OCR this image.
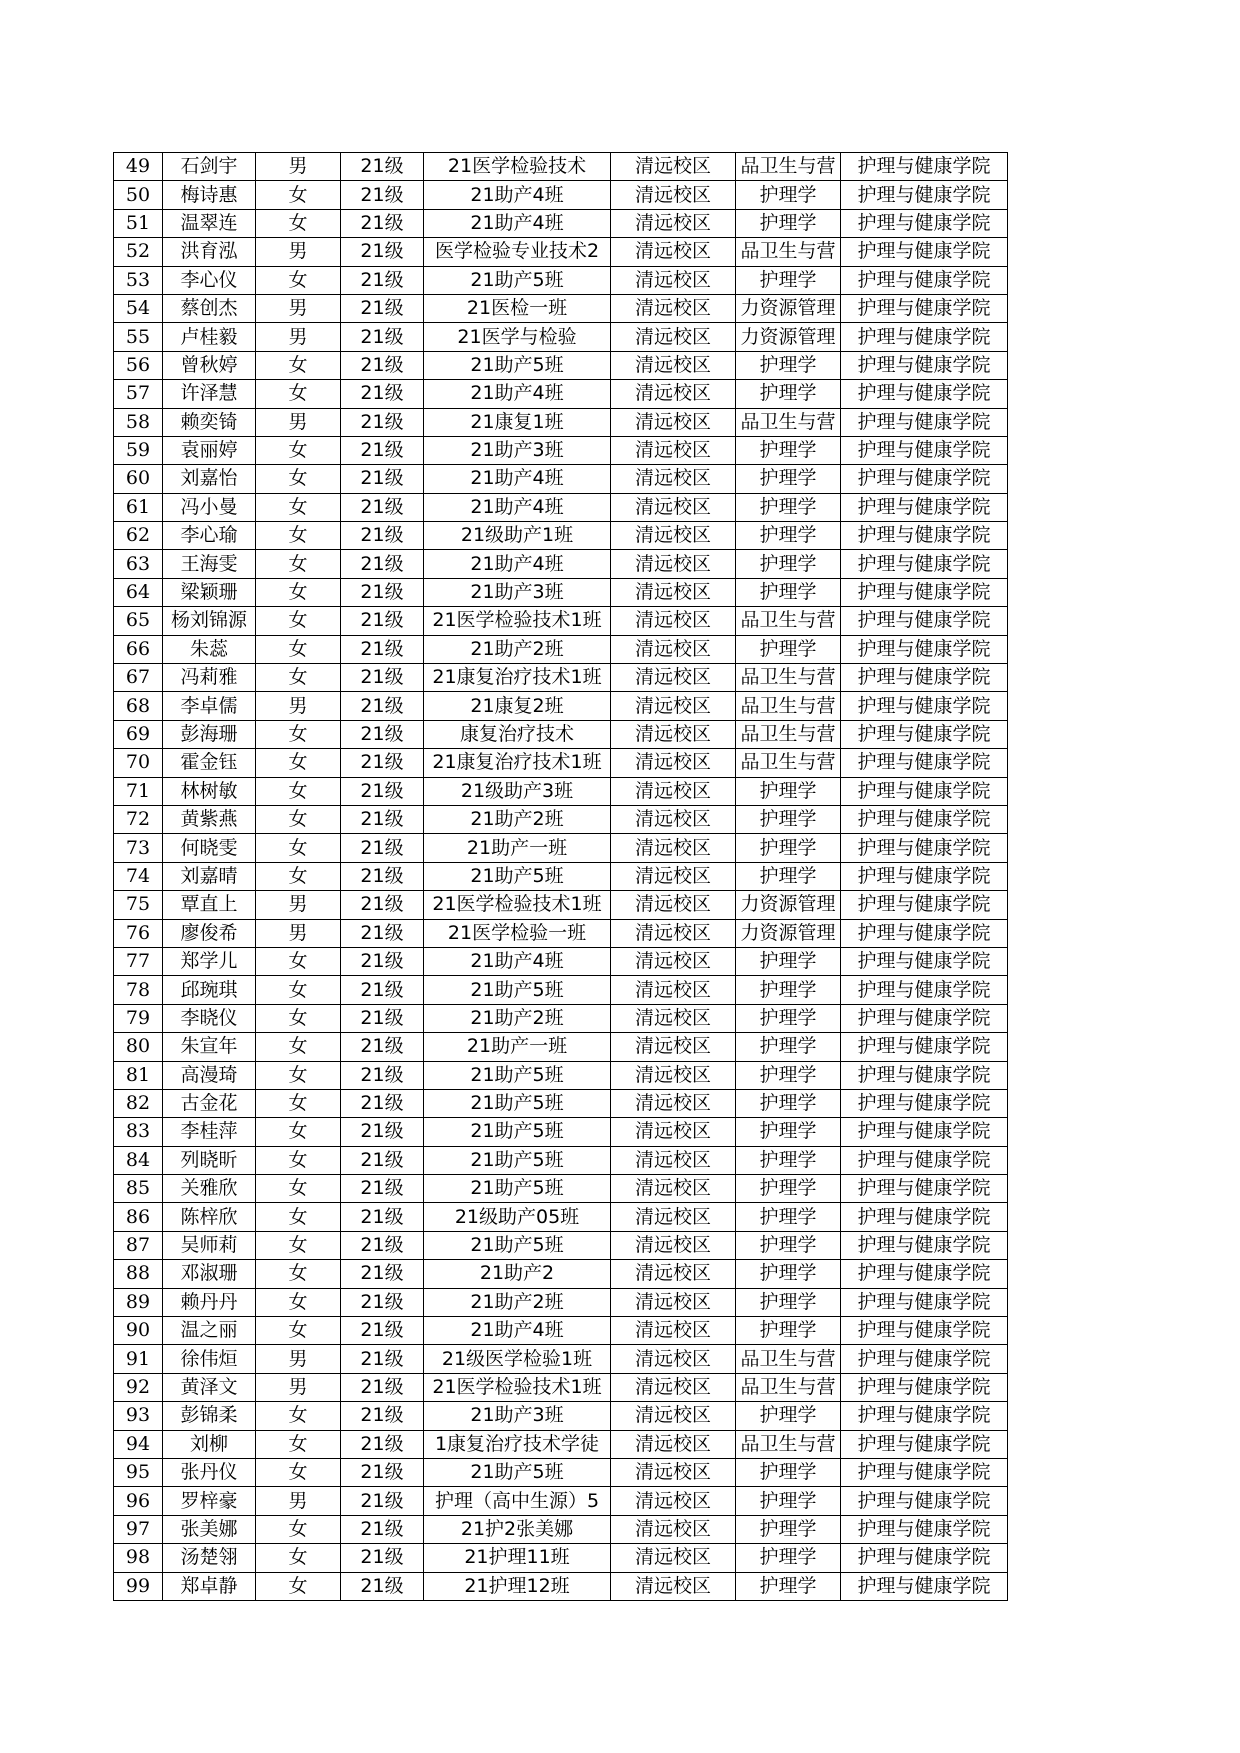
49	石剑宇	男	21级	21医学检验技术	清远校区	品卫生与营	护理与健康学院
50	梅诗惠	女	21级	21助产4班	清远校区	护理学	护理与健康学院
51	温翠连	女	21级	21助产4班	清远校区	护理学	护理与健康学院
52	洪育泓	男	21级	医学检验专业技术2	清远校区	品卫生与营	护理与健康学院
53	李心仪	女	21级	21助产5班	清远校区	护理学	护理与健康学院
54	蔡创杰	男	21级	21医检一班	清远校区	力资源管理	护理与健康学院
55	卢桂毅	男	21级	21医学与检验	清远校区	力资源管理	护理与健康学院
56	曾秋婷	女	21级	21助产5班	清远校区	护理学	护理与健康学院
57	许泽慧	女	21级	21助产4班	清远校区	护理学	护理与健康学院
58	赖奕锜	男	21级	21康复1班	清远校区	品卫生与营	护理与健康学院
59	袁丽婷	女	21级	21助产3班	清远校区	护理学	护理与健康学院
60	刘嘉怡	女	21级	21助产4班	清远校区	护理学	护理与健康学院
61	冯小曼	女	21级	21助产4班	清远校区	护理学	护理与健康学院
62	李心瑜	女	21级	21级助产1班	清远校区	护理学	护理与健康学院
63	王海雯	女	21级	21助产4班	清远校区	护理学	护理与健康学院
64	梁颖珊	女	21级	21助产3班	清远校区	护理学	护理与健康学院
65	杨刘锦源	女	21级	21医学检验技术1班	清远校区	品卫生与营	护理与健康学院
66	朱蕊	女	21级	21助产2班	清远校区	护理学	护理与健康学院
67	冯莉雅	女	21级	21康复治疗技术1班	清远校区	品卫生与营	护理与健康学院
68	李卓儒	男	21级	21康复2班	清远校区	品卫生与营	护理与健康学院
69	彭海珊	女	21级	康复治疗技术	清远校区	品卫生与营	护理与健康学院
70	霍金钰	女	21级	21康复治疗技术1班	清远校区	品卫生与营	护理与健康学院
71	林树敏	女	21级	21级助产3班	清远校区	护理学	护理与健康学院
72	黄紫燕	女	21级	21助产2班	清远校区	护理学	护理与健康学院
73	何晓雯	女	21级	21助产一班	清远校区	护理学	护理与健康学院
74	刘嘉晴	女	21级	21助产5班	清远校区	护理学	护理与健康学院
75	覃直上	男	21级	21医学检验技术1班	清远校区	力资源管理	护理与健康学院
76	廖俊希	男	21级	21医学检验一班	清远校区	力资源管理	护理与健康学院
77	郑学儿	女	21级	21助产4班	清远校区	护理学	护理与健康学院
78	邱琬琪	女	21级	21助产5班	清远校区	护理学	护理与健康学院
79	李晓仪	女	21级	21助产2班	清远校区	护理学	护理与健康学院
80	朱宣年	女	21级	21助产一班	清远校区	护理学	护理与健康学院
81	高漫琦	女	21级	21助产5班	清远校区	护理学	护理与健康学院
82	古金花	女	21级	21助产5班	清远校区	护理学	护理与健康学院
83	李桂萍	女	21级	21助产5班	清远校区	护理学	护理与健康学院
84	列晓昕	女	21级	21助产5班	清远校区	护理学	护理与健康学院
85	关雅欣	女	21级	21助产5班	清远校区	护理学	护理与健康学院
86	陈梓欣	女	21级	21级助产05班	清远校区	护理学	护理与健康学院
87	吴师莉	女	21级	21助产5班	清远校区	护理学	护理与健康学院
88	邓淑珊	女	21级	21助产2	清远校区	护理学	护理与健康学院
89	赖丹丹	女	21级	21助产2班	清远校区	护理学	护理与健康学院
90	温之丽	女	21级	21助产4班	清远校区	护理学	护理与健康学院
91	徐伟烜	男	21级	21级医学检验1班	清远校区	品卫生与营	护理与健康学院
92	黄泽文	男	21级	21医学检验技术1班	清远校区	品卫生与营	护理与健康学院
93	彭锦柔	女	21级	21助产3班	清远校区	护理学	护理与健康学院
94	刘柳	女	21级	1康复治疗技术学徒	清远校区	品卫生与营	护理与健康学院
95	张丹仪	女	21级	21助产5班	清远校区	护理学	护理与健康学院
96	罗梓豪	男	21级	护理（高中生源）5	清远校区	护理学	护理与健康学院
97	张美娜	女	21级	21护2张美娜	清远校区	护理学	护理与健康学院
98	汤楚翎	女	21级	21护理11班	清远校区	护理学	护理与健康学院
99	郑卓静	女	21级	21护理12班	清远校区	护理学	护理与健康学院
